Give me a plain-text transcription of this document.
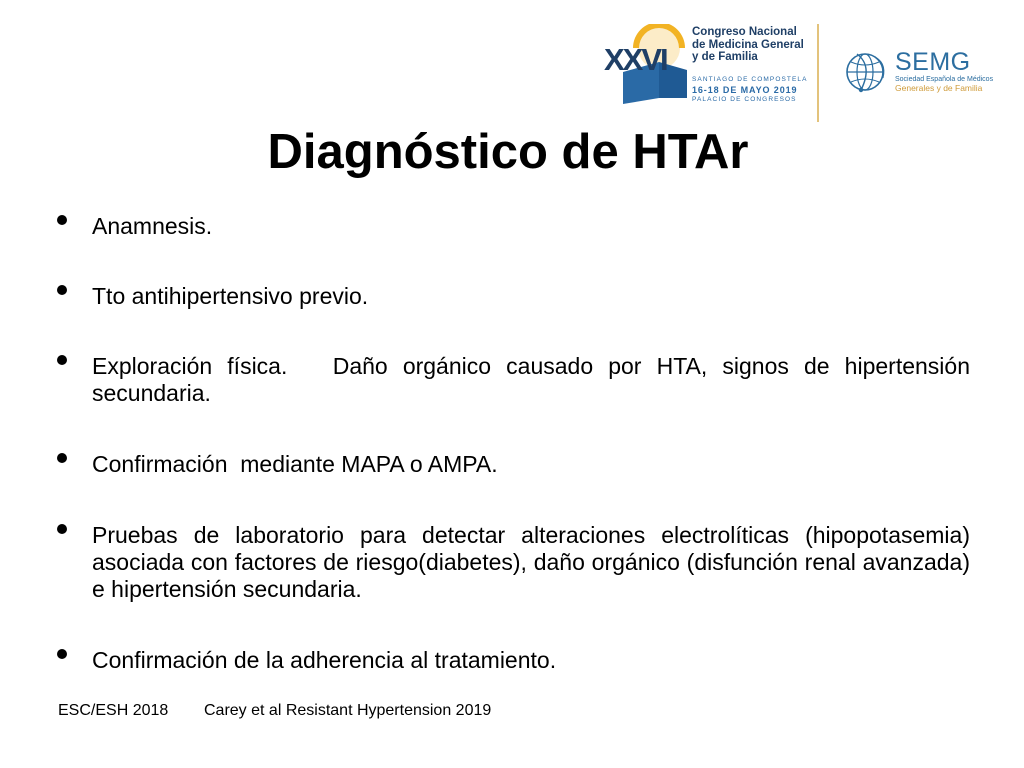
XXVI
Congreso Nacional
de Medicina General
y de Familia
SANTIAGO DE COMPOSTELA
16-18 DE MAYO 2019
PALACIO DE CONGRESOS
SEMG
Sociedad Española de Médicos
Generales y de Familia
Diagnóstico de HTAr
Anamnesis.
Tto antihipertensivo previo.
Exploración física.   Daño orgánico causado por HTA, signos de hipertensión secundaria.
Confirmación  mediante MAPA o AMPA.
Pruebas de laboratorio para detectar alteraciones electrolíticas (hipopotasemia) asociada con factores de riesgo(diabetes), daño orgánico (disfunción renal avanzada) e hipertensión secundaria.
Confirmación de la adherencia al tratamiento.
ESC/ESH 2018 Carey et al Resistant Hypertension 2019
